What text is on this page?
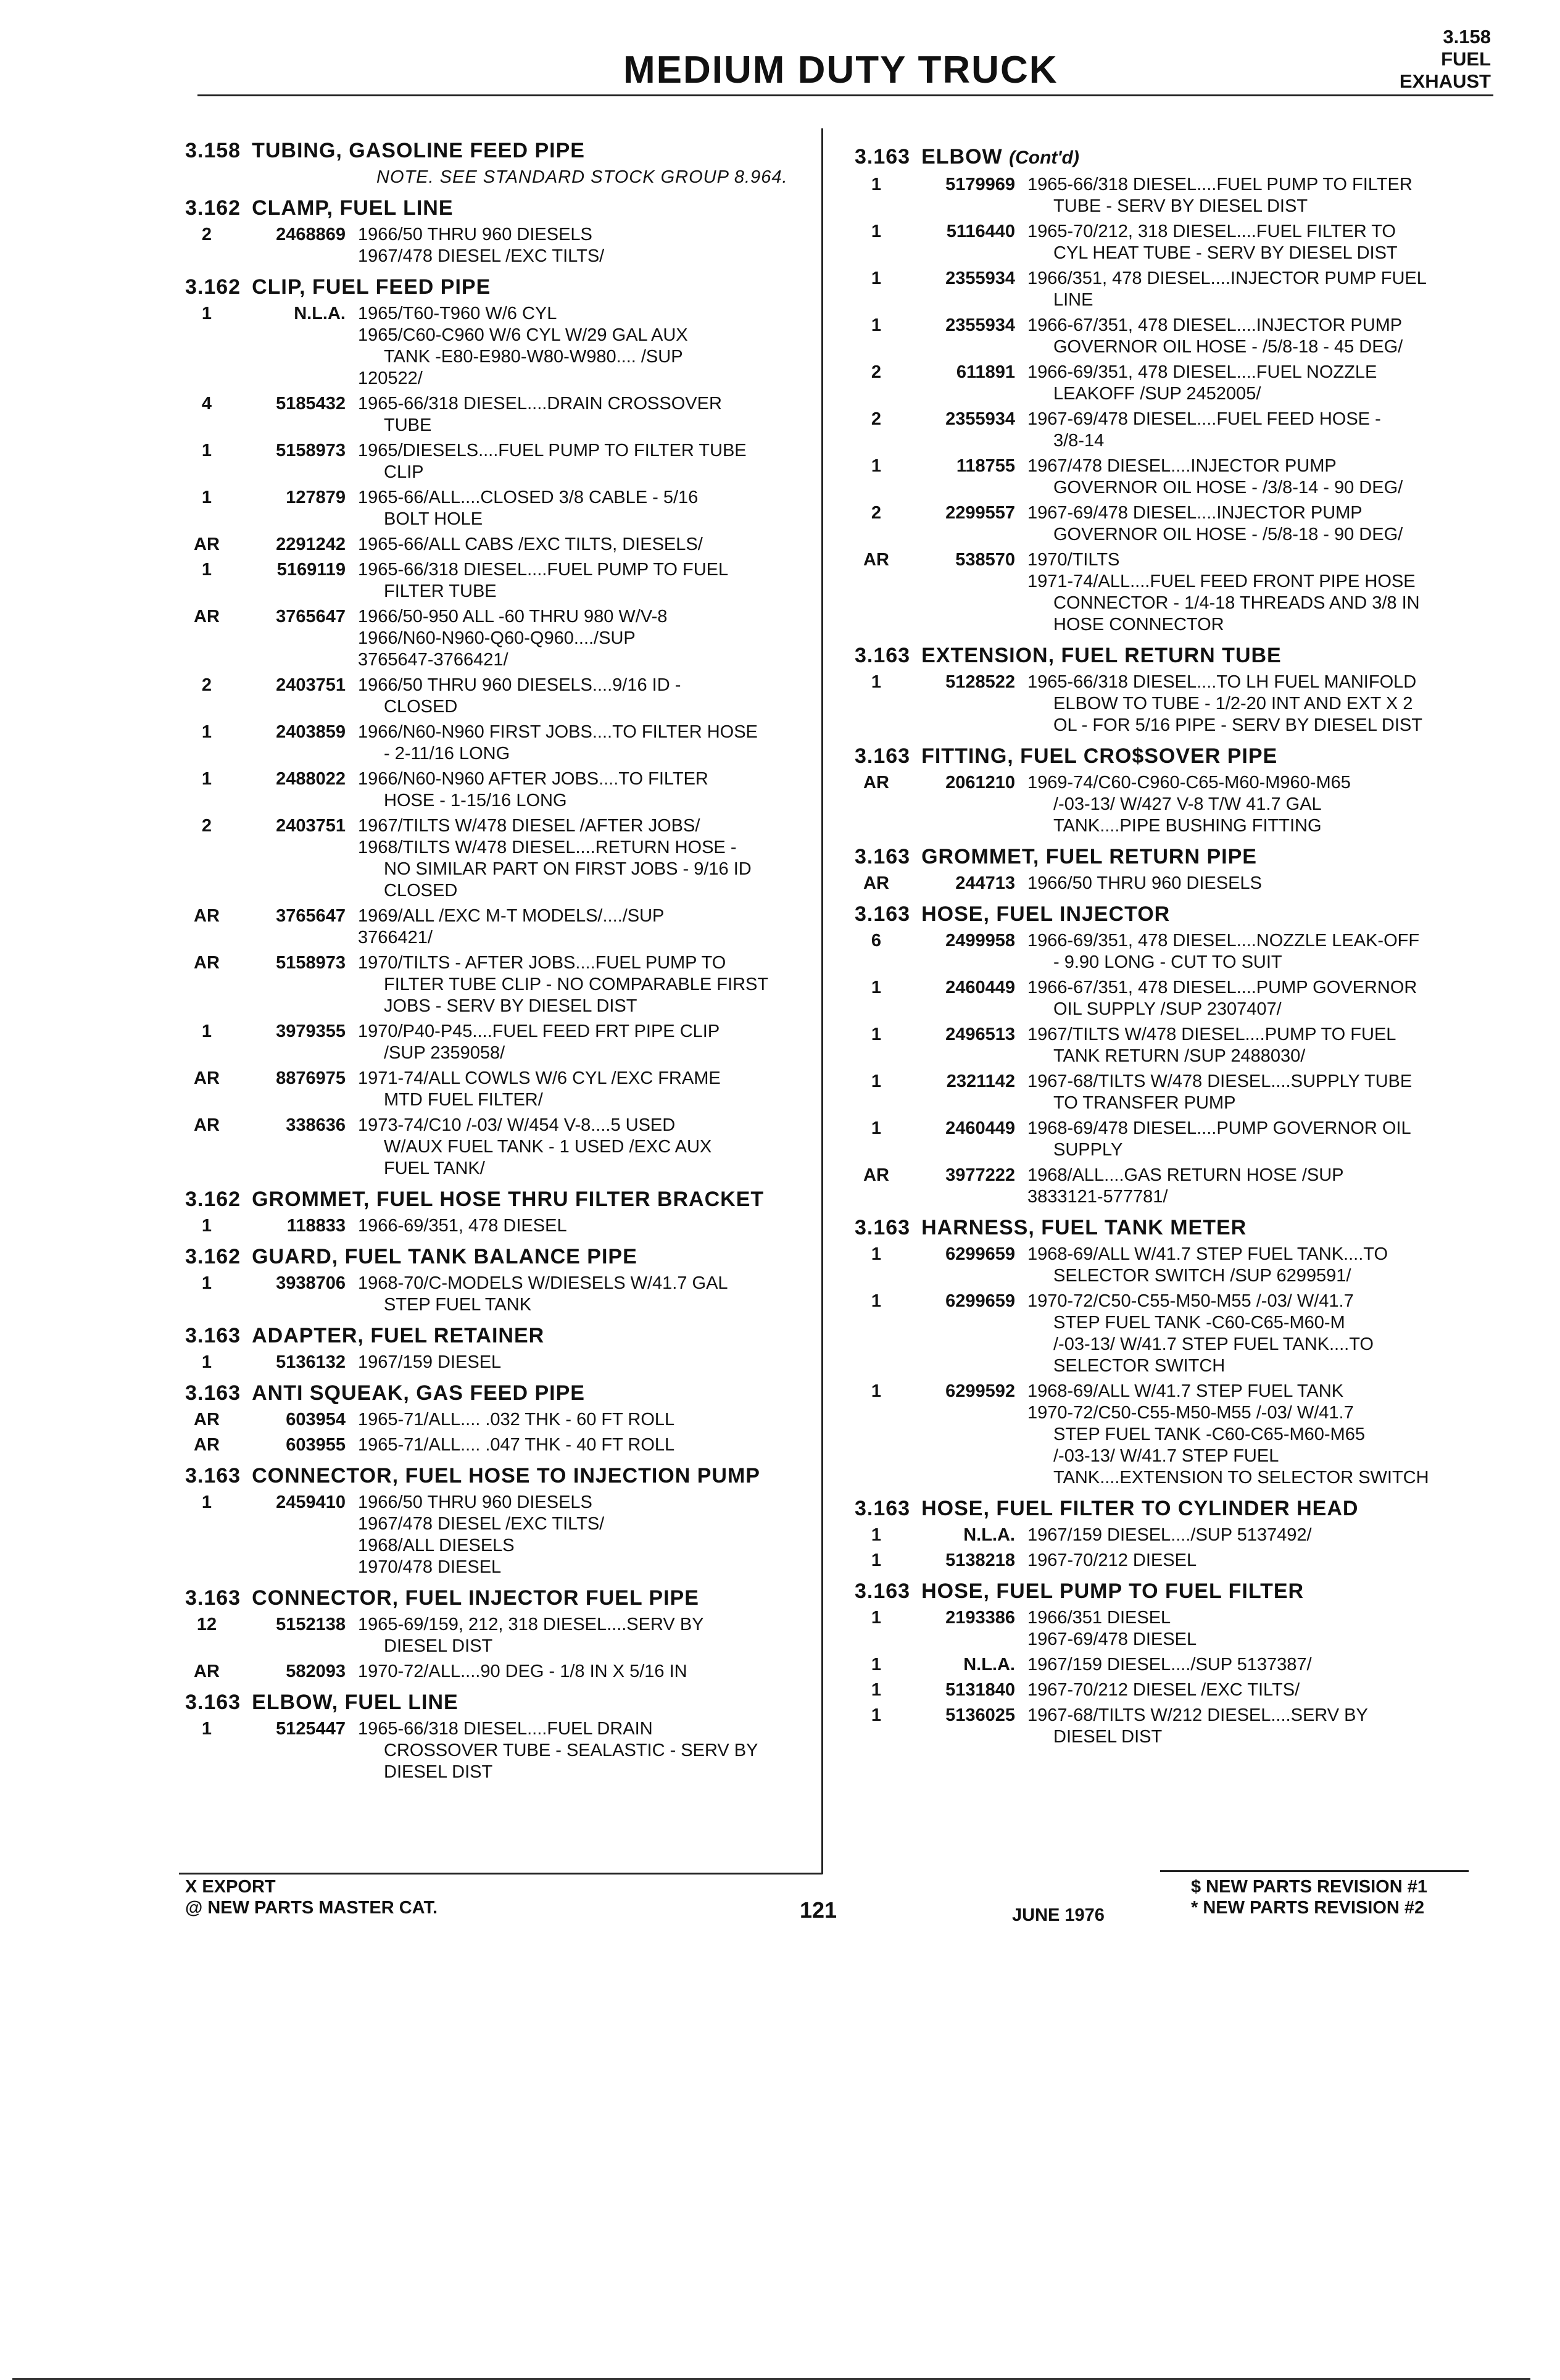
MEDIUM DUTY TRUCK
3.158
FUEL
EXHAUST
3.158 TUBING, GASOLINE FEED PIPE
NOTE. SEE STANDARD STOCK GROUP 8.964.
3.162 CLAMP, FUEL LINE
2	2468869 1966/50 THRU 960 DIESELS
1967/478 DIESEL /EXC TILTS/
3.162 CLIP, FUEL FEED PIPE
1	N.L.A. 1965/T60-T960 W/6 CYL
1965/C60-C960 W/6 CYL W/29 GAL AUX
TANK -E80-E980-W80-W980.... /SUP
120522/
4	5185432 1965-66/318 DIESEL....DRAIN CROSSOVER
TUBE
1	5158973 1965/DIESELS....FUEL PUMP TO FILTER TUBE
CLIP
1	127879 1965-66/ALL....CLOSED 3/8 CABLE - 5/16
BOLT HOLE
AR	2291242 1965-66/ALL CABS /EXC TILTS, DIESELS/
1	5169119 1965-66/318 DIESEL....FUEL PUMP TO FUEL
FILTER TUBE
AR	3765647 1966/50-950 ALL -60 THRU 980 W/V-8
1966/N60-N960-Q60-Q960..../SUP
3765647-3766421/
2	2403751 1966/50 THRU 960 DIESELS....9/16 ID -
CLOSED
1	2403859 1966/N60-N960 FIRST JOBS....TO FILTER HOSE
- 2-11/16 LONG
1	2488022 1966/N60-N960 AFTER JOBS....TO FILTER
HOSE - 1-15/16 LONG
2	2403751 1967/TILTS W/478 DIESEL /AFTER JOBS/
1968/TILTS W/478 DIESEL....RETURN HOSE -
NO SIMILAR PART ON FIRST JOBS - 9/16 ID
CLOSED
AR	3765647 1969/ALL /EXC M-T MODELS/..../SUP
3766421/
AR	5158973 1970/TILTS - AFTER JOBS....FUEL PUMP TO
FILTER TUBE CLIP - NO COMPARABLE FIRST
JOBS - SERV BY DIESEL DIST
1	3979355 1970/P40-P45....FUEL FEED FRT PIPE CLIP
/SUP 2359058/
AR	8876975 1971-74/ALL COWLS W/6 CYL /EXC FRAME
MTD FUEL FILTER/
AR	338636 1973-74/C10 /-03/ W/454 V-8....5 USED
W/AUX FUEL TANK - 1 USED /EXC AUX
FUEL TANK/
3.162 GROMMET, FUEL HOSE THRU FILTER BRACKET
1	118833 1966-69/351, 478 DIESEL
3.162 GUARD, FUEL TANK BALANCE PIPE
1	3938706 1968-70/C-MODELS W/DIESELS W/41.7 GAL
STEP FUEL TANK
3.163 ADAPTER, FUEL RETAINER
1	5136132 1967/159 DIESEL
3.163 ANTI SQUEAK, GAS FEED PIPE
AR	603954 1965-71/ALL.... .032 THK - 60 FT ROLL
AR	603955 1965-71/ALL.... .047 THK - 40 FT ROLL
3.163 CONNECTOR, FUEL HOSE TO INJECTION PUMP
1	2459410 1966/50 THRU 960 DIESELS
1967/478 DIESEL /EXC TILTS/
1968/ALL DIESELS
1970/478 DIESEL
3.163 CONNECTOR, FUEL INJECTOR FUEL PIPE
12	5152138 1965-69/159, 212, 318 DIESEL....SERV BY
DIESEL DIST
AR	582093 1970-72/ALL....90 DEG - 1/8 IN X 5/16 IN
3.163 ELBOW, FUEL LINE
1	5125447 1965-66/318 DIESEL....FUEL DRAIN
CROSSOVER TUBE - SEALASTIC - SERV BY
DIESEL DIST
3.163 ELBOW (Cont'd)
1	5179969 1965-66/318 DIESEL....FUEL PUMP TO FILTER
TUBE - SERV BY DIESEL DIST
1	5116440 1965-70/212, 318 DIESEL....FUEL FILTER TO
CYL HEAT TUBE - SERV BY DIESEL DIST
1	2355934 1966/351, 478 DIESEL....INJECTOR PUMP FUEL
LINE
1	2355934 1966-67/351, 478 DIESEL....INJECTOR PUMP
GOVERNOR OIL HOSE - /5/8-18 - 45 DEG/
2	611891 1966-69/351, 478 DIESEL....FUEL NOZZLE
LEAKOFF /SUP 2452005/
2	2355934 1967-69/478 DIESEL....FUEL FEED HOSE -
3/8-14
1	118755 1967/478 DIESEL....INJECTOR PUMP
GOVERNOR OIL HOSE - /3/8-14 - 90 DEG/
2	2299557 1967-69/478 DIESEL....INJECTOR PUMP
GOVERNOR OIL HOSE - /5/8-18 - 90 DEG/
AR	538570 1970/TILTS
1971-74/ALL....FUEL FEED FRONT PIPE HOSE
CONNECTOR - 1/4-18 THREADS AND 3/8 IN
HOSE CONNECTOR
3.163 EXTENSION, FUEL RETURN TUBE
1	5128522 1965-66/318 DIESEL....TO LH FUEL MANIFOLD
ELBOW TO TUBE - 1/2-20 INT AND EXT X 2
OL - FOR 5/16 PIPE - SERV BY DIESEL DIST
3.163 FITTING, FUEL CRO$SOVER PIPE
AR	2061210 1969-74/C60-C960-C65-M60-M960-M65
/-03-13/ W/427 V-8 T/W 41.7 GAL
TANK....PIPE BUSHING FITTING
3.163 GROMMET, FUEL RETURN PIPE
AR	244713 1966/50 THRU 960 DIESELS
3.163 HOSE, FUEL INJECTOR
6	2499958 1966-69/351, 478 DIESEL....NOZZLE LEAK-OFF
- 9.90 LONG - CUT TO SUIT
1	2460449 1966-67/351, 478 DIESEL....PUMP GOVERNOR
OIL SUPPLY /SUP 2307407/
1	2496513 1967/TILTS W/478 DIESEL....PUMP TO FUEL
TANK RETURN /SUP 2488030/
1	2321142 1967-68/TILTS W/478 DIESEL....SUPPLY TUBE
TO TRANSFER PUMP
1	2460449 1968-69/478 DIESEL....PUMP GOVERNOR OIL
SUPPLY
AR	3977222 1968/ALL....GAS RETURN HOSE /SUP
3833121-577781/
3.163 HARNESS, FUEL TANK METER
1	6299659 1968-69/ALL W/41.7 STEP FUEL TANK....TO
SELECTOR SWITCH /SUP 6299591/
1	6299659 1970-72/C50-C55-M50-M55 /-03/ W/41.7
STEP FUEL TANK -C60-C65-M60-M
/-03-13/ W/41.7 STEP FUEL TANK....TO
SELECTOR SWITCH
1	6299592 1968-69/ALL W/41.7 STEP FUEL TANK
1970-72/C50-C55-M50-M55 /-03/ W/41.7
STEP FUEL TANK -C60-C65-M60-M65
/-03-13/ W/41.7 STEP FUEL
TANK....EXTENSION TO SELECTOR SWITCH
3.163 HOSE, FUEL FILTER TO CYLINDER HEAD
1	N.L.A. 1967/159 DIESEL..../SUP 5137492/
1	5138218 1967-70/212 DIESEL
3.163 HOSE, FUEL PUMP TO FUEL FILTER
1	2193386 1966/351 DIESEL
1967-69/478 DIESEL
1	N.L.A. 1967/159 DIESEL..../SUP 5137387/
1	5131840 1967-70/212 DIESEL /EXC TILTS/
1	5136025 1967-68/TILTS W/212 DIESEL....SERV BY
DIESEL DIST
X EXPORT
@ NEW PARTS MASTER CAT.	121	JUNE 1976
$ NEW PARTS REVISION #1
* NEW PARTS REVISION #2
